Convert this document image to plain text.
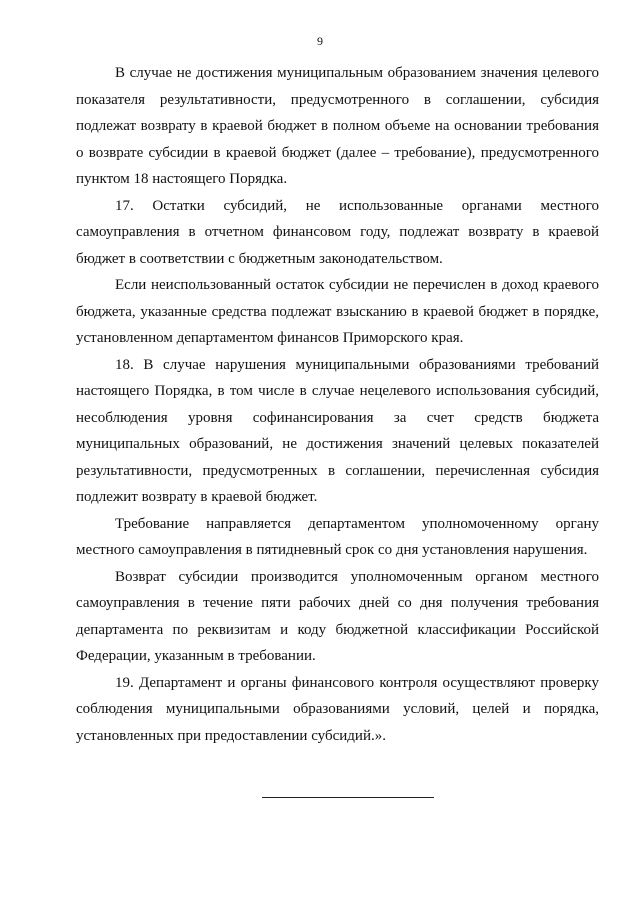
9

В случае не достижения муниципальным образованием значения целевого показателя результативности, предусмотренного в соглашении, субсидия подлежат возврату в краевой бюджет в полном объеме на основании требования о возврате субсидии в краевой бюджет (далее – требование), предусмотренного пунктом 18 настоящего Порядка.

17. Остатки субсидий, не использованные органами местного самоуправления в отчетном финансовом году, подлежат возврату в краевой бюджет в соответствии с бюджетным законодательством.

Если неиспользованный остаток субсидии не перечислен в доход краевого бюджета, указанные средства подлежат взысканию в краевой бюджет в порядке, установленном департаментом финансов Приморского края.

18. В случае нарушения муниципальными образованиями требований настоящего Порядка, в том числе в случае нецелевого использования субсидий, несоблюдения уровня софинансирования за счет средств бюджета муниципальных образований, не достижения значений целевых показателей результативности, предусмотренных в соглашении, перечисленная субсидия подлежит возврату в краевой бюджет.

Требование направляется департаментом уполномоченному органу местного самоуправления в пятидневный срок со дня установления нарушения.

Возврат субсидии производится уполномоченным органом местного самоуправления в течение пяти рабочих дней со дня получения требования департамента по реквизитам и коду бюджетной классификации Российской Федерации, указанным в требовании.

19. Департамент и органы финансового контроля осуществляют проверку соблюдения муниципальными образованиями условий, целей и порядка, установленных при предоставлении субсидий.».
